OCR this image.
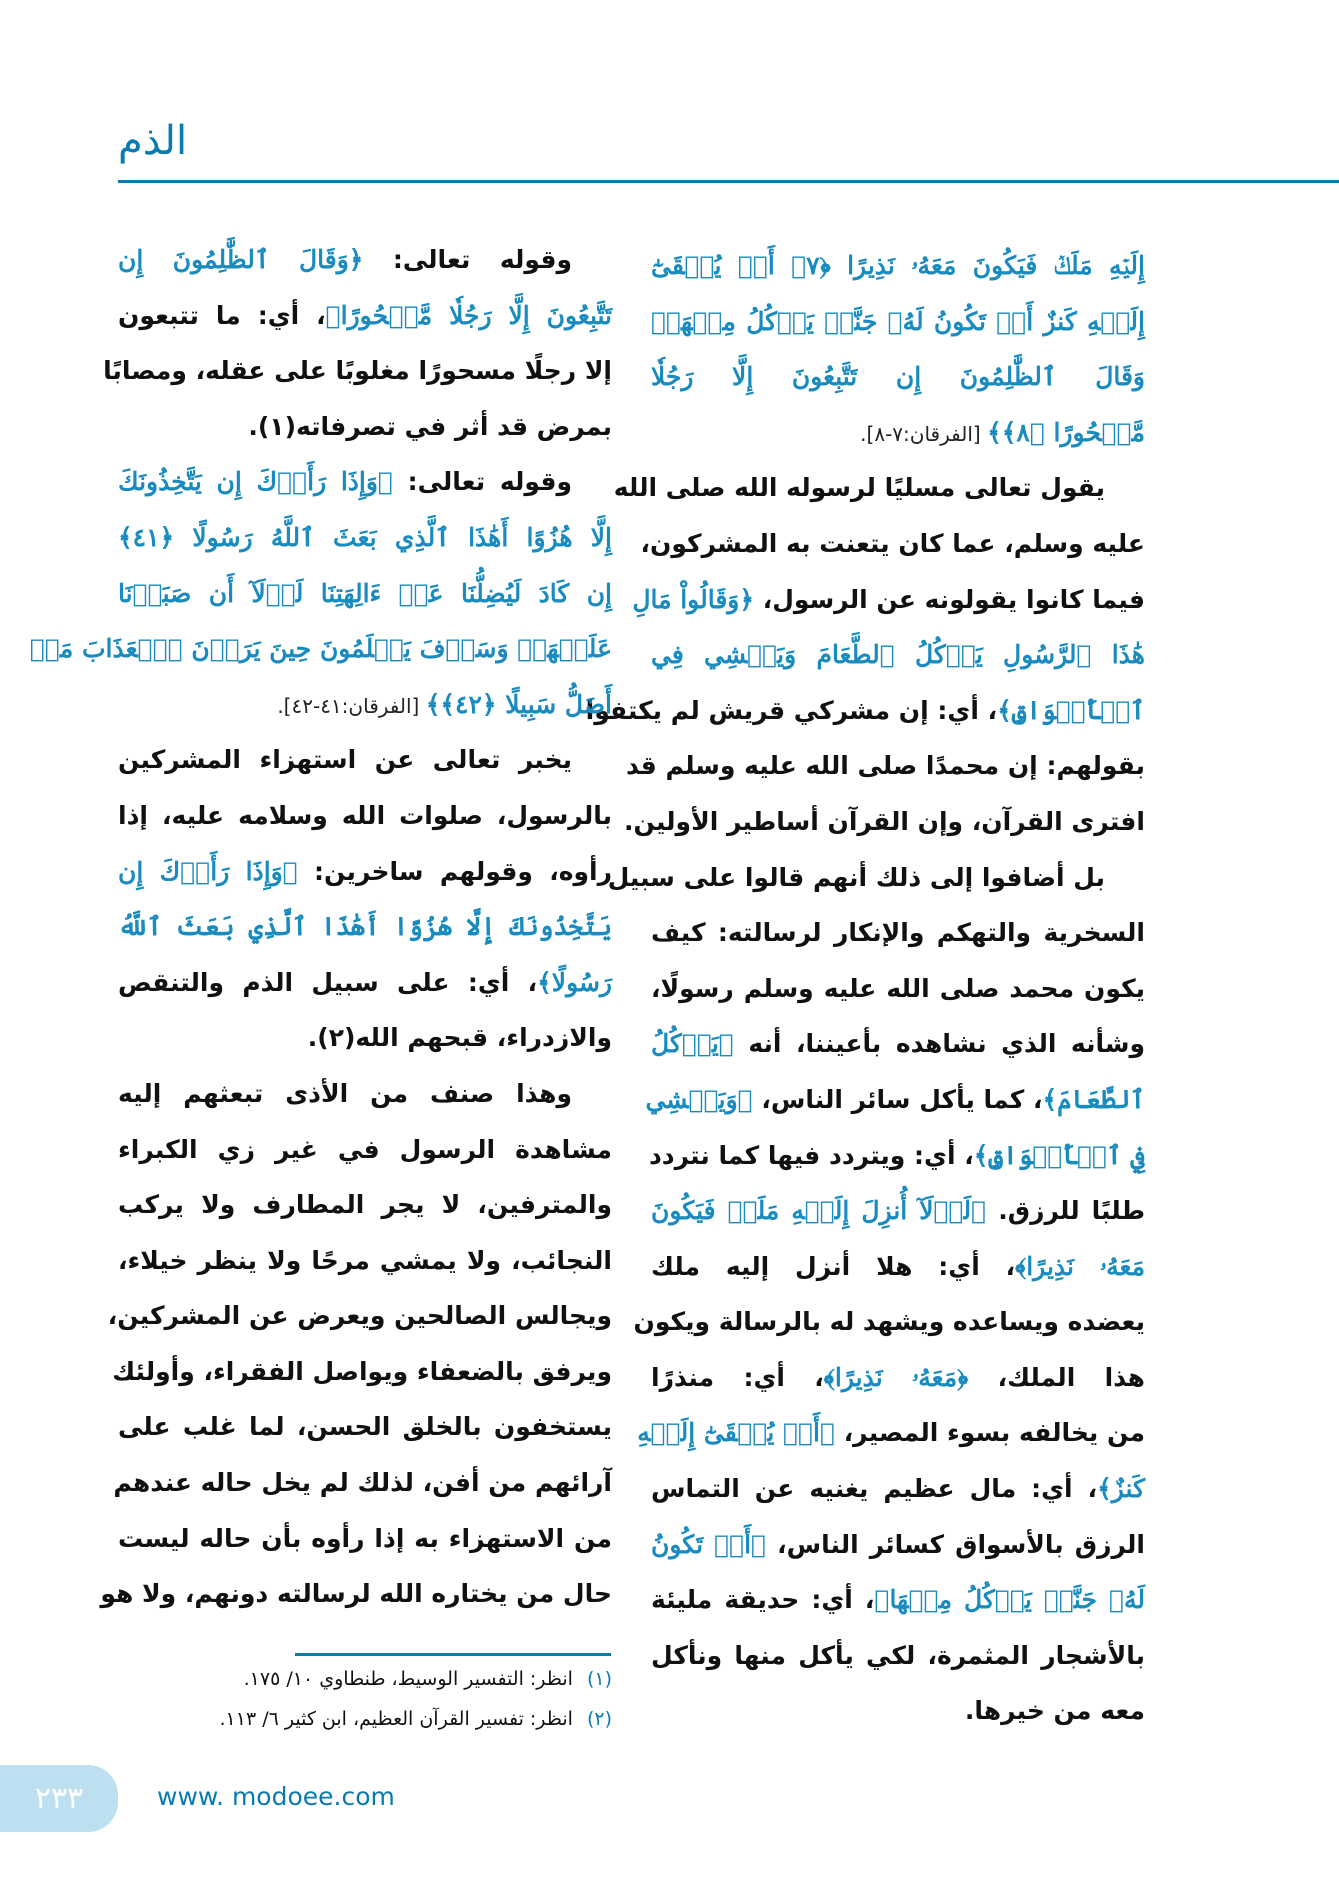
الذم
إِلَيۡهِ مَلَكٞ فَيَكُونَ مَعَهُۥ نَذِيرًا ﴿٧﴾ أَوۡ يُلۡقَىٰٓ
إِلَيۡهِ كَنزٌ أَوۡ تَكُونُ لَهُۥ جَنَّةٞ يَأۡكُلُ مِنۡهَاۚ
وَقَالَ ٱلظَّٰلِمُونَ إِن تَتَّبِعُونَ إِلَّا رَجُلٗا
مَّسۡحُورًا ﴿٨﴾﴾ [الفرقان:٧-٨].
يقول تعالى مسليًا لرسوله الله صلى الله
عليه وسلم، عما كان يتعنت به المشركون،
فيما كانوا يقولونه عن الرسول، ﴿وَقَالُواْ مَالِ
هَٰذَا ٱلرَّسُولِ يَأۡكُلُ ٱلطَّعَامَ وَيَمۡشِي فِي
ٱلۡأَسۡوَاقِ﴾، أي: إن مشركي قريش لم يكتفوا
بقولهم: إن محمدًا صلى الله عليه وسلم قد
افترى القرآن، وإن القرآن أساطير الأولين.
بل أضافوا إلى ذلك أنهم قالوا على سبيل
السخرية والتهكم والإنكار لرسالته: كيف
يكون محمد صلى الله عليه وسلم رسولًا،
وشأنه الذي نشاهده بأعيننا، أنه ﴿يَأۡكُلُ
ٱلطَّعَامَ﴾، كما يأكل سائر الناس، ﴿وَيَمۡشِي
فِي ٱلۡأَسۡوَاقِ﴾، أي: ويتردد فيها كما نتردد
طلبًا للرزق. ﴿لَوۡلَآ أُنزِلَ إِلَيۡهِ مَلَكٞ فَيَكُونَ
مَعَهُۥ نَذِيرًا﴾، أي: هلا أنزل إليه ملك
يعضده ويساعده ويشهد له بالرسالة ويكون
هذا الملك، ﴿مَعَهُۥ نَذِيرًا﴾، أي: منذرًا
من يخالفه بسوء المصير، ﴿أَوۡ يُلۡقَىٰٓ إِلَيۡهِ
كَنزٌ﴾، أي: مال عظيم يغنيه عن التماس
الرزق بالأسواق كسائر الناس، ﴿أَوۡ تَكُونُ
لَهُۥ جَنَّةٞ يَأۡكُلُ مِنۡهَا﴾، أي: حديقة مليئة
بالأشجار المثمرة، لكي يأكل منها ونأكل
معه من خيرها.
وقوله تعالى: ﴿وَقَالَ ٱلظَّٰلِمُونَ إِن
تَتَّبِعُونَ إِلَّا رَجُلٗا مَّسۡحُورًا﴾، أي: ما تتبعون
إلا رجلًا مسحورًا مغلوبًا على عقله، ومصابًا
بمرض قد أثر في تصرفاته(١).
وقوله تعالى: ﴿وَإِذَا رَأَوۡكَ إِن يَتَّخِذُونَكَ
إِلَّا هُزُوًا أَهَٰذَا ٱلَّذِي بَعَثَ ٱللَّهُ رَسُولًا ﴿٤١﴾
إِن كَادَ لَيُضِلُّنَا عَنۡ ءَالِهَتِنَا لَوۡلَآ أَن صَبَرۡنَا
عَلَيۡهَاۚ وَسَوۡفَ يَعۡلَمُونَ حِينَ يَرَوۡنَ ٱلۡعَذَابَ مَنۡ
أَضَلُّ سَبِيلًا ﴿٤٢﴾﴾ [الفرقان:٤١-٤٢].
يخبر تعالى عن استهزاء المشركين
بالرسول، صلوات الله وسلامه عليه، إذا
رأوه، وقولهم ساخرين: ﴿وَإِذَا رَأَوۡكَ إِن
يَتَّخِذُونَكَ إِلَّا هُزُوًا أَهَٰذَا ٱلَّذِي بَعَثَ ٱللَّهُ
رَسُولًا﴾، أي: على سبيل الذم والتنقص
والازدراء، قبحهم الله(٢).
وهذا صنف من الأذى تبعثهم إليه
مشاهدة الرسول في غير زي الكبراء
والمترفين، لا يجر المطارف ولا يركب
النجائب، ولا يمشي مرحًا ولا ينظر خيلاء،
ويجالس الصالحين ويعرض عن المشركين،
ويرفق بالضعفاء ويواصل الفقراء، وأولئك
يستخفون بالخلق الحسن، لما غلب على
آرائهم من أفن، لذلك لم يخل حاله عندهم
من الاستهزاء به إذا رأوه بأن حاله ليست
حال من يختاره الله لرسالته دونهم، ولا هو
(١)انظر: التفسير الوسيط، طنطاوي ١٠/ ١٧٥.
(٢)انظر: تفسير القرآن العظيم، ابن كثير ٦/ ١١٣.
٢٣٣	www. modoee.com
